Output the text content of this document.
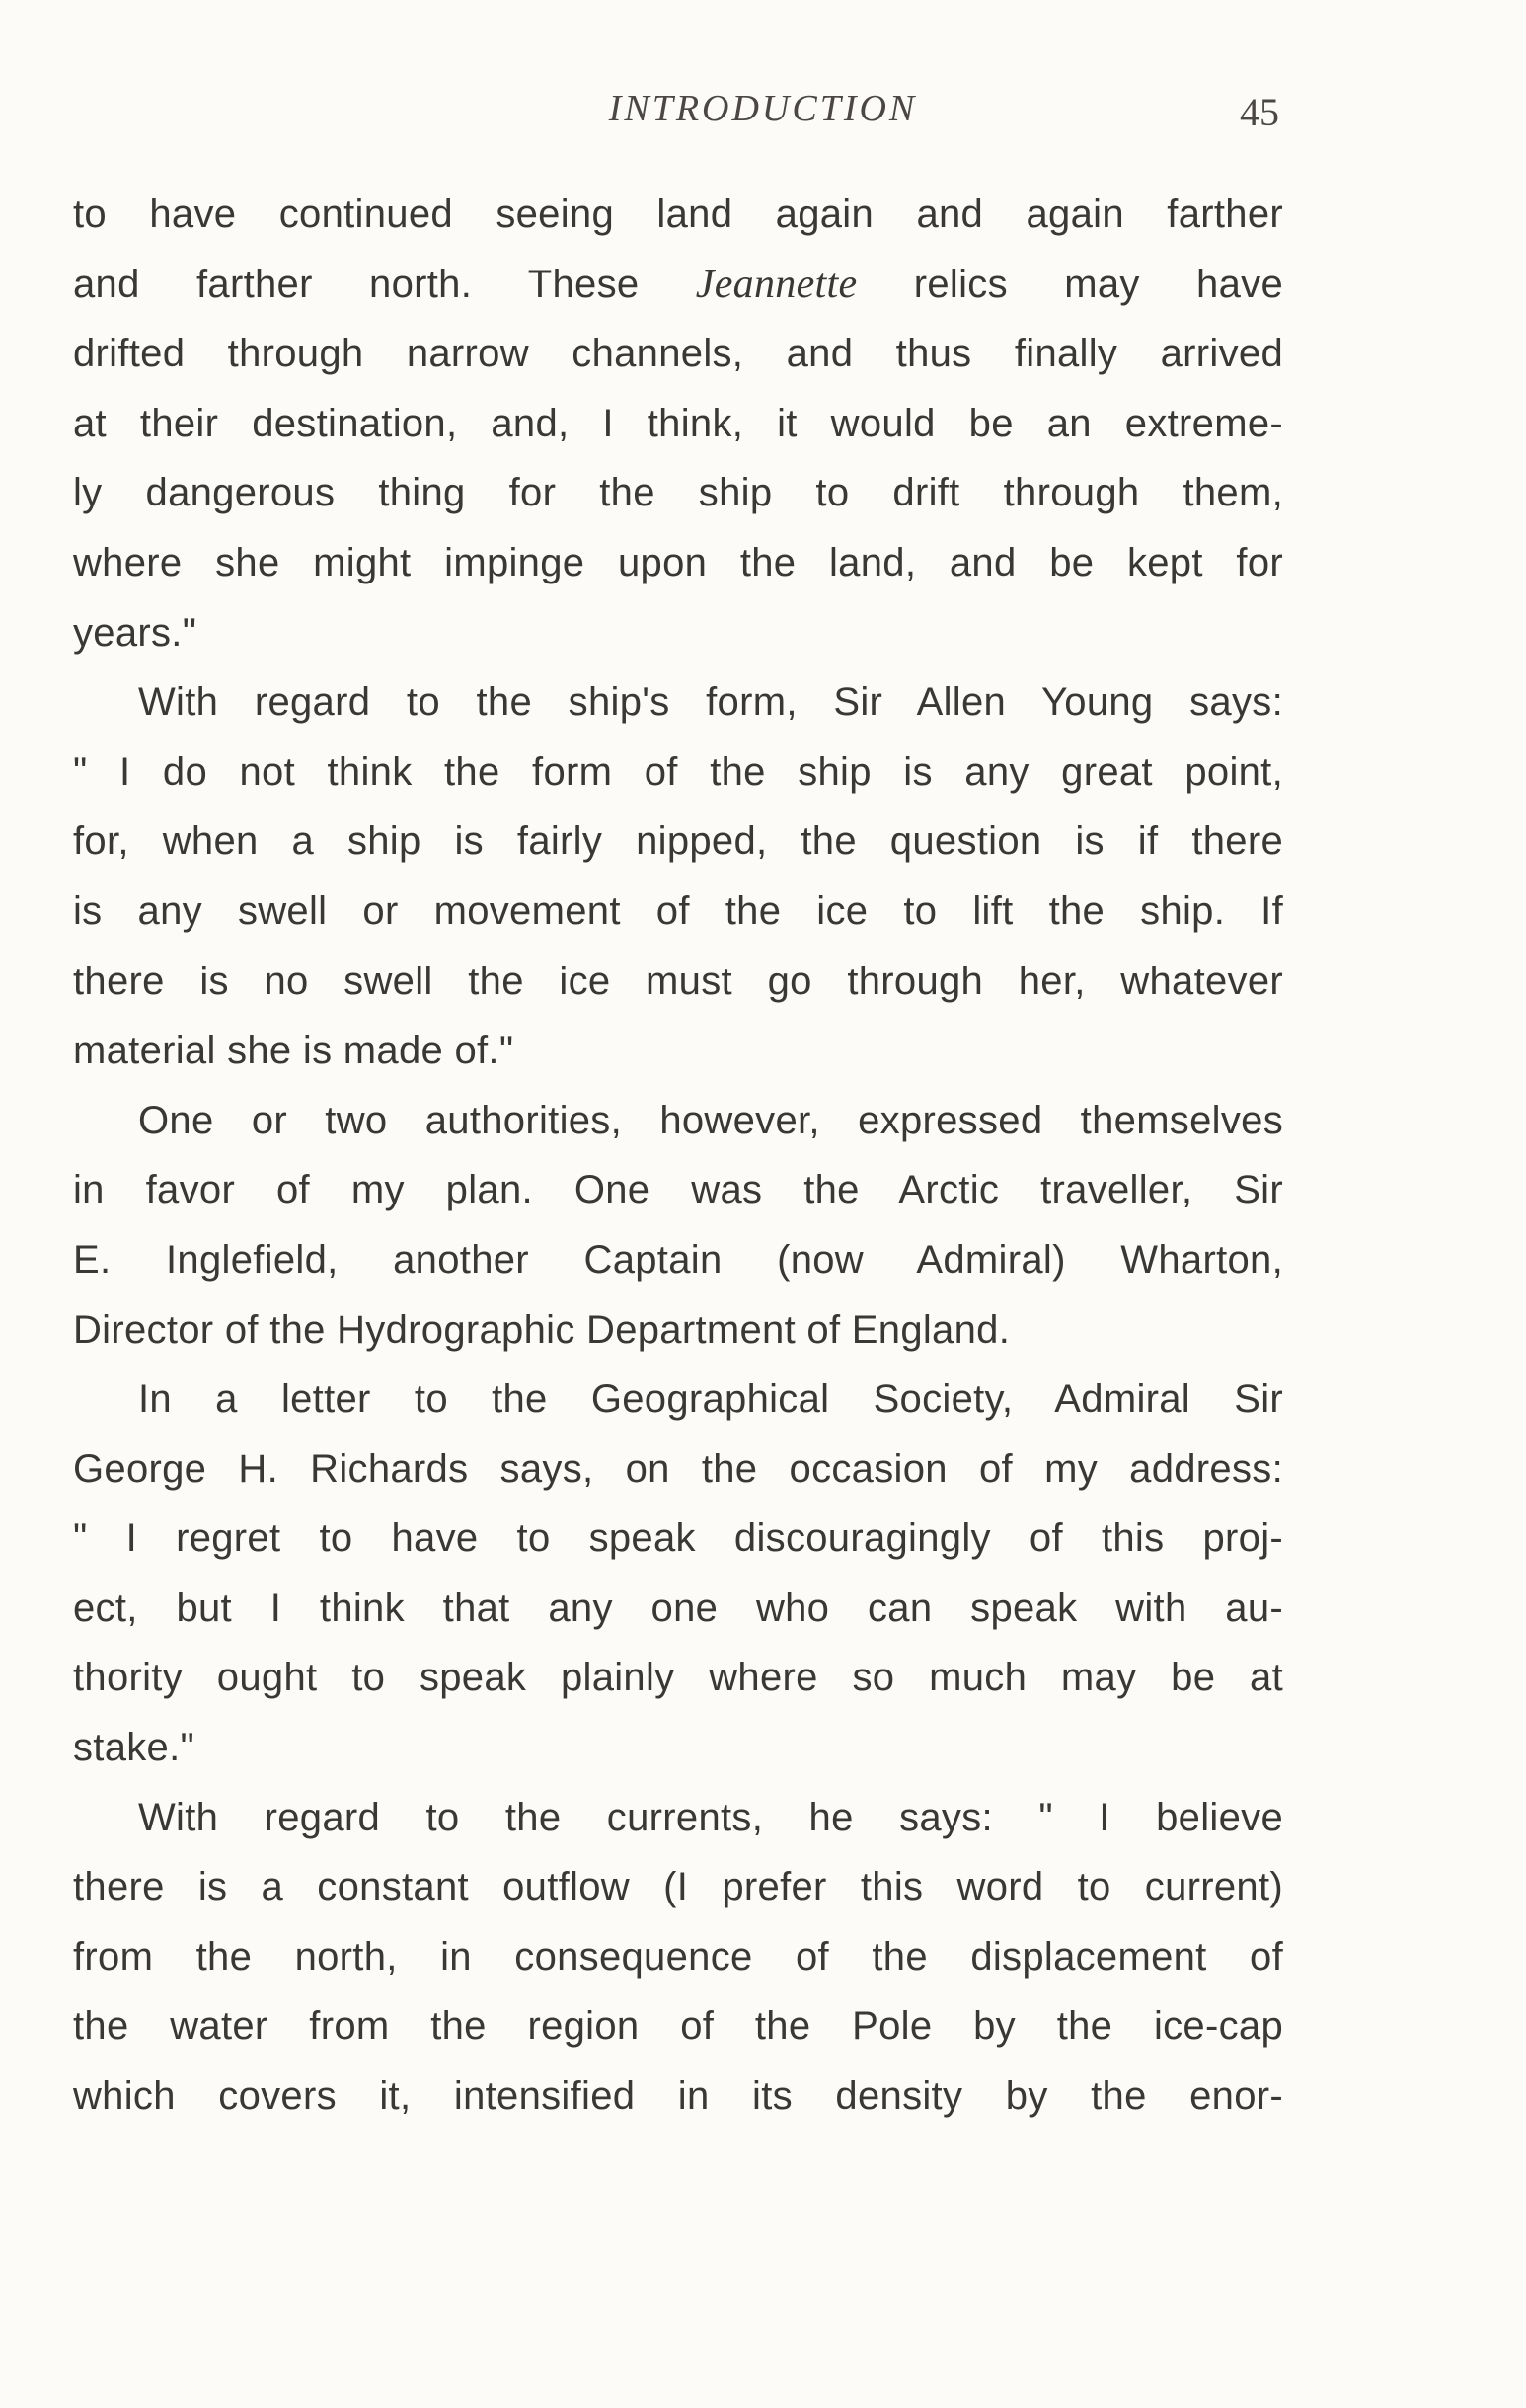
INTRODUCTION	45
to have continued seeing land again and again farther
and farther north. These Jeannette relics may have
drifted through narrow channels, and thus finally arrived
at their destination, and, I think, it would be an extreme-
ly dangerous thing for the ship to drift through them,
where she might impinge upon the land, and be kept for
years."
With regard to the ship's form, Sir Allen Young says:
" I do not think the form of the ship is any great point,
for, when a ship is fairly nipped, the question is if there
is any swell or movement of the ice to lift the ship. If
there is no swell the ice must go through her, whatever
material she is made of."
One or two authorities, however, expressed themselves
in favor of my plan. One was the Arctic traveller, Sir
E. Inglefield, another Captain (now Admiral) Wharton,
Director of the Hydrographic Department of England.
In a letter to the Geographical Society, Admiral Sir
George H. Richards says, on the occasion of my address:
" I regret to have to speak discouragingly of this proj-
ect, but I think that any one who can speak with au-
thority ought to speak plainly where so much may be at
stake."
With regard to the currents, he says: " I believe
there is a constant outflow (I prefer this word to current)
from the north, in consequence of the displacement of
the water from the region of the Pole by the ice-cap
which covers it, intensified in its density by the enor-
